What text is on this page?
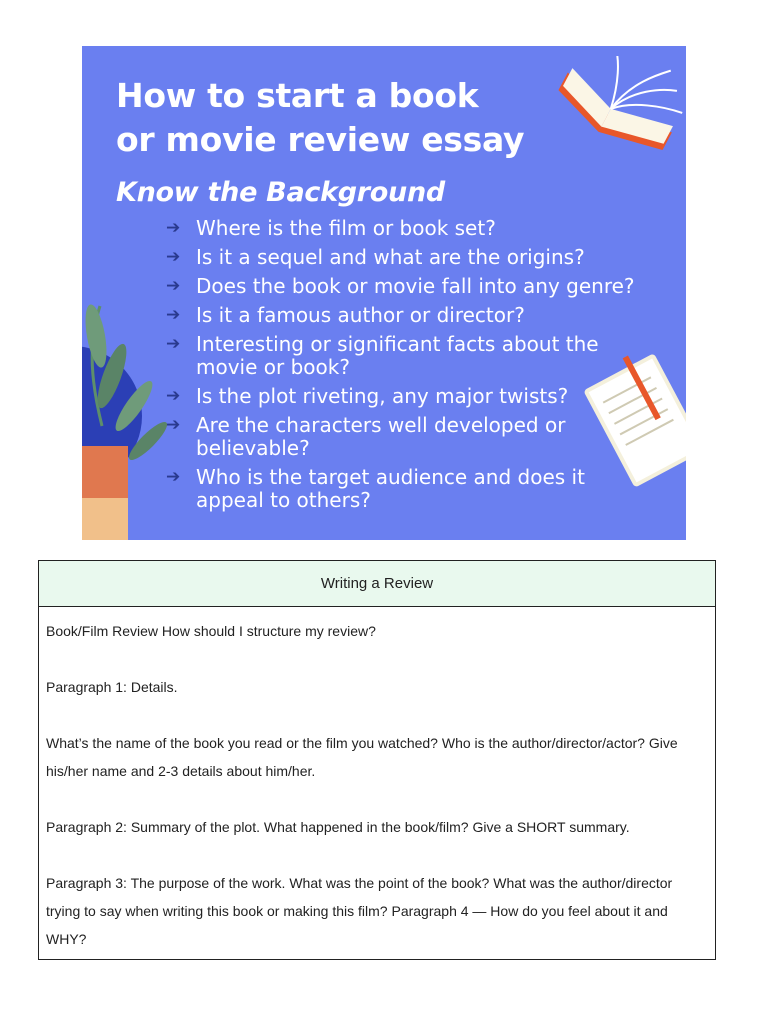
How to start a book
or movie review essay
Know the Background
➔ Where is the film or book set?
➔ Is it a sequel and what are the origins?
➔ Does the book or movie fall into any genre?
➔ Is it a famous author or director?
➔ Interesting or significant facts about the movie or book?
➔ Is the plot riveting, any major twists?
➔ Are the characters well developed or believable?
➔ Who is the target audience and does it appeal to others?
Writing a Review

Book/Film Review How should I structure my review?

Paragraph 1: Details.

What’s the name of the book you read or the film you watched? Who is the author/director/actor? Give his/her name and 2-3 details about him/her.

Paragraph 2: Summary of the plot. What happened in the book/film? Give a SHORT summary.

Paragraph 3: The purpose of the work. What was the point of the book? What was the author/director trying to say when writing this book or making this film? Paragraph 4 — How do you feel about it and WHY?
